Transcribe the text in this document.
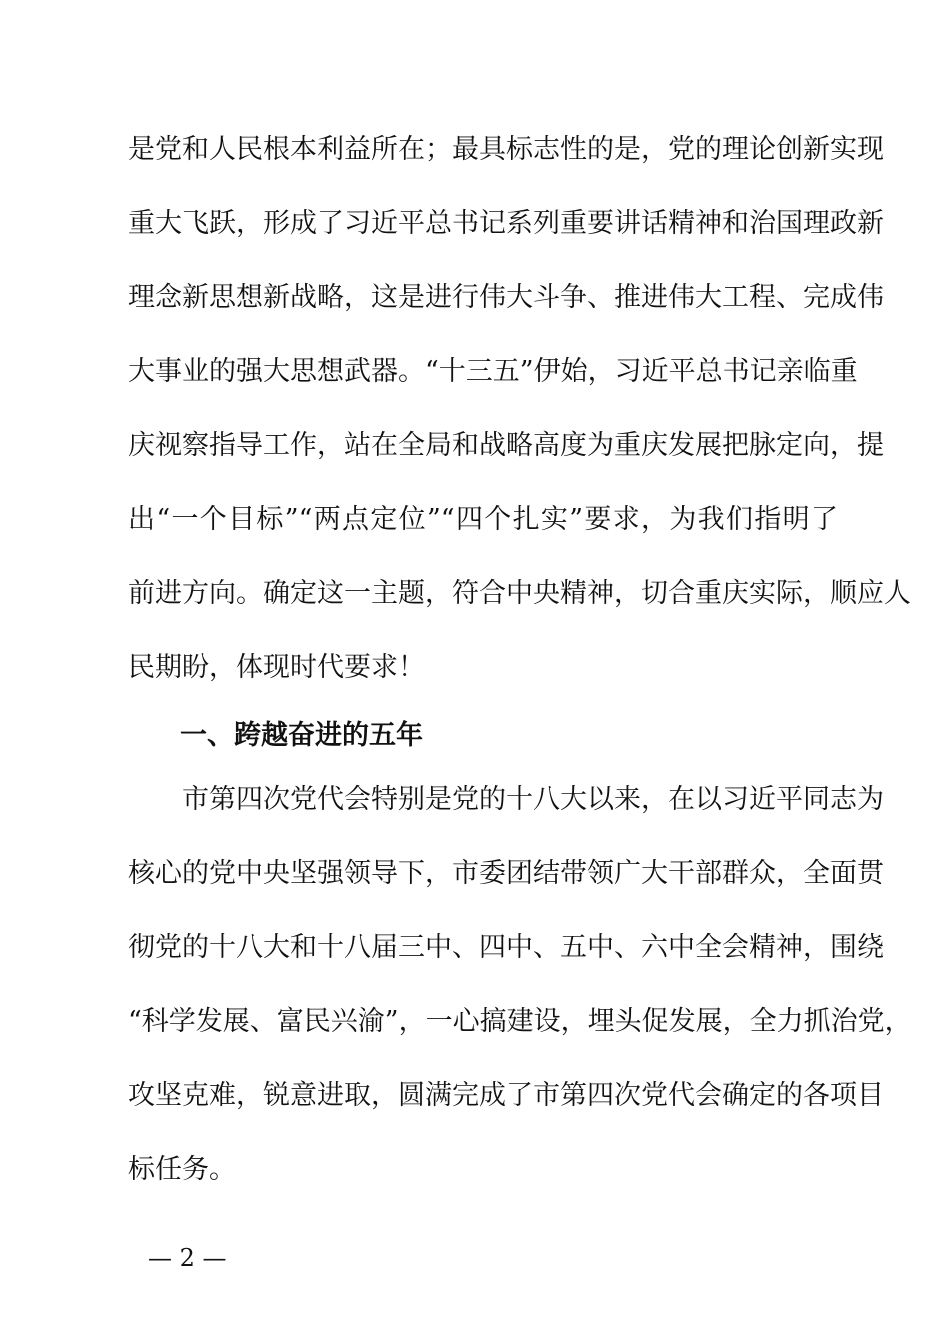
是党和人民根本利益所在；最具标志性的是，党的理论创新实现
重大飞跃，形成了习近平总书记系列重要讲话精神和治国理政新
理念新思想新战略，这是进行伟大斗争、推进伟大工程、完成伟
大事业的强大思想武器。“十三五”伊始，习近平总书记亲临重
庆视察指导工作，站在全局和战略高度为重庆发展把脉定向，提
出“一个目标”“两点定位”“四个扎实”要求，为我们指明了
前进方向。确定这一主题，符合中央精神，切合重庆实际，顺应人
民期盼，体现时代要求！
一、跨越奋进的五年
　　市第四次党代会特别是党的十八大以来，在以习近平同志为
核心的党中央坚强领导下，市委团结带领广大干部群众，全面贯
彻党的十八大和十八届三中、四中、五中、六中全会精神，围绕
“科学发展、富民兴渝”，一心搞建设，埋头促发展，全力抓治党，
攻坚克难，锐意进取，圆满完成了市第四次党代会确定的各项目
标任务。
— 2 —
